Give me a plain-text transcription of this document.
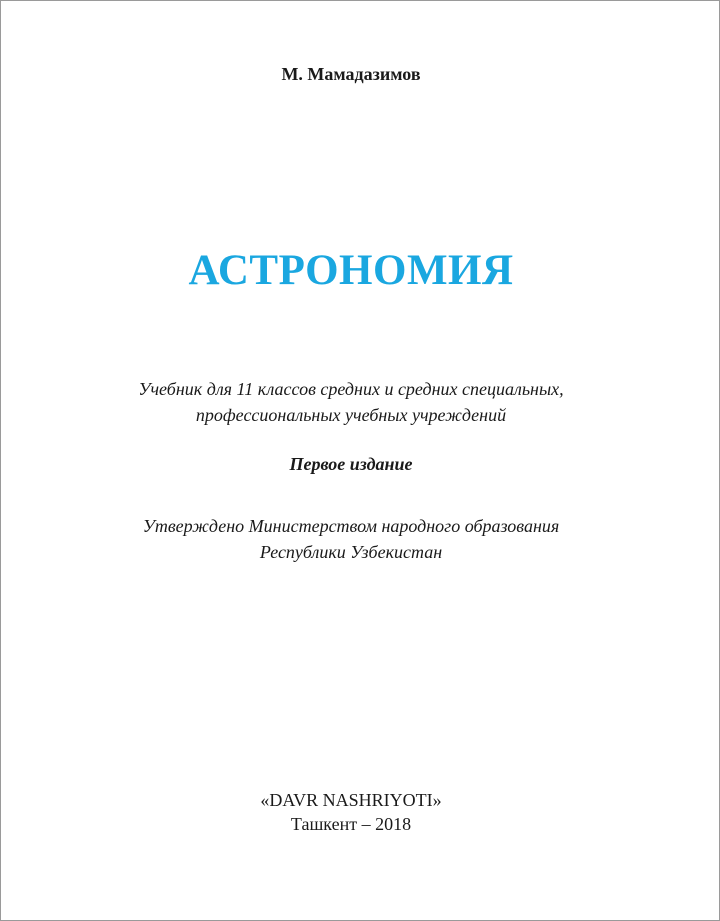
М. Мамадазимов
АСТРОНОМИЯ
Учебник для 11 классов средних и средних специальных,
профессиональных учебных учреждений
Первое издание
Утверждено Министерством народного образования
Республики Узбекистан
«DAVR NASHRIYOTI»
Ташкент – 2018
